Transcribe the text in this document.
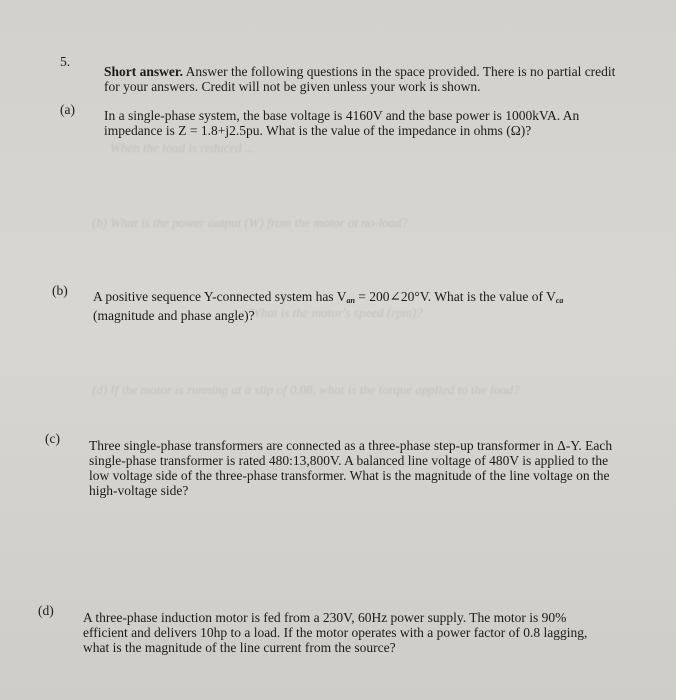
(b) What is the power output (W) from the motor at no-load?
What is the motor's speed (rpm)?
(d) If the motor is running at a slip of 0.08, what is the torque applied to the load?
When the load is reduced ...
5.

Short answer. Answer the following questions in the space provided. There is no partial credit for your answers. Credit will not be given unless your work is shown.

(a) In a single-phase system, the base voltage is 4160V and the base power is 1000kVA. An

impedance is Z = 1.8+j2.5pu. What is the value of the impedance in ohms (Ω)?

(b) A positive sequence Y-connected system has $V_{an}$ = 200∠20°V. What is the value of $V_{ca}$

(magnitude and phase angle)?

(c) Three single-phase transformers are connected as a three-phase step-up transformer in Δ-Y. Each

single-phase transformer is rated 480:13,800V. A balanced line voltage of 480V is applied to the

low voltage side of the three-phase transformer. What is the magnitude of the line voltage on the

high-voltage side?

(d) A three-phase induction motor is fed from a 230V, 60Hz power supply. The motor is 90%

efficient and delivers 10hp to a load. If the motor operates with a power factor of 0.8 lagging,

what is the magnitude of the line current from the source?
